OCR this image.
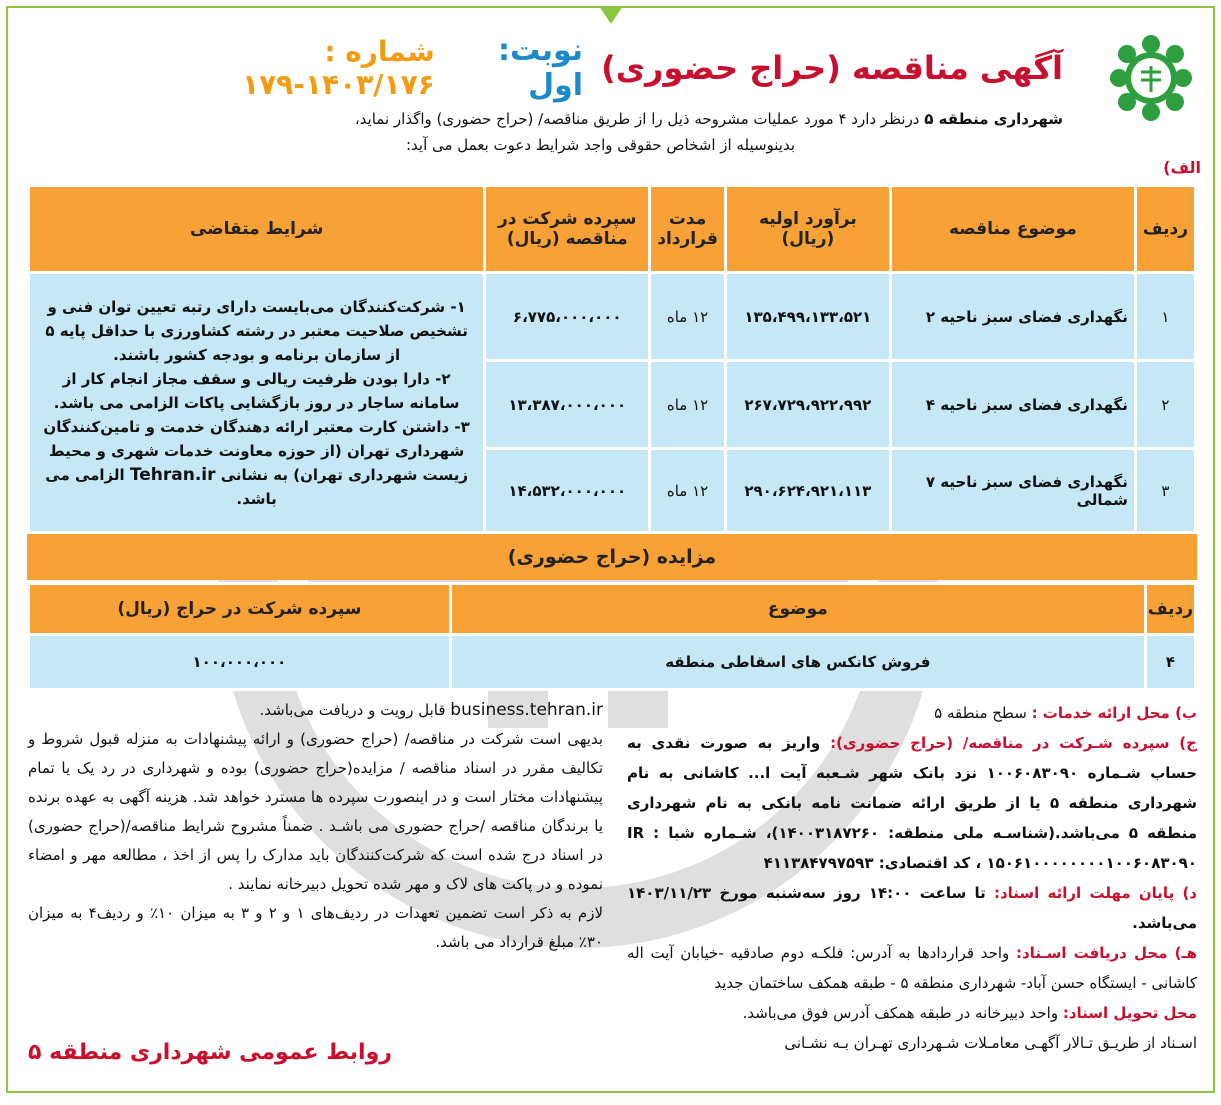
آگهی مناقصه (حراج حضوری)
نوبت: اول
شماره : ۱۷۹-۱۴۰۳/۱۷۶
شهرداری منطقه ۵ درنظر دارد ۴ مورد عملیات مشروحه ذیل را از طریق مناقصه/ (حراج حضوری) واگذار نماید،
بدینوسیله از اشخاص حقوقی واجد شرایط دعوت بعمل می آید:
الف)
ردیف	موضوع مناقصه	برآورد اولیه (ریال)	مدت قرارداد	سپرده شرکت در مناقصه (ریال)	شرایط متقاضی
۱	نگهداری فضای سبز ناحیه ۲	۱۳۵،۴۹۹،۱۳۳،۵۲۱	۱۲ ماه	۶،۷۷۵،۰۰۰،۰۰۰	۱- شرکت‌کنندگان می‌بایست دارای رتبه تعیین توان فنی و تشخیص صلاحیت معتبر در رشته کشاورزی با حداقل پایه ۵ از سازمان برنامه و بودجه کشور باشند.
۲- دارا بودن ظرفیت ریالی و سقف مجاز انجام کار از سامانه ساجار در روز بازگشایی پاکات الزامی می باشد.
۳- داشتن کارت معتبر ارائه دهندگان خدمت و تامین‌کنندگان شهرداری تهران (از حوزه معاونت خدمات شهری و محیط زیست شهرداری تهران) به نشانی Tehran.ir الزامی می باشد.

۲	نگهداری فضای سبز ناحیه ۴	۲۶۷،۷۲۹،۹۲۲،۹۹۲	۱۲ ماه	۱۳،۳۸۷،۰۰۰،۰۰۰	
۳	نگهداری فضای سبز ناحیه ۷ شمالی	۲۹۰،۶۲۴،۹۲۱،۱۱۳	۱۲ ماه	۱۴،۵۳۲،۰۰۰،۰۰۰	
مزایده (حراج حضوری)
ردیف	موضوع	سپرده شرکت در حراج (ریال)
۴	فروش کانکس های اسقاطی منطقه	۱۰۰،۰۰۰،۰۰۰
ب) محل ارائه خدمات : سطح منطقه ۵
ج) سپرده شـرکت در مناقصه/ (حراج حضوری): واریز به صورت نقدی به حساب شـماره ۱۰۰۶۰۸۳۰۹۰ نزد بانک شهر شـعبه آیت ا... کاشانی به نام شهرداری منطقه ۵ یا از طریق ارائه ضمانت نامه بانکی به نام شهرداری منطقه ۵ می‌باشد.(شناسـه ملی منطقه: ۱۴۰۰۳۱۸۷۲۶۰)، شـماره شبا : IR ۱۵۰۶۱۰۰۰۰۰۰۰۰۱۰۰۶۰۸۳۰۹۰ ، کد اقتصادی: ۴۱۱۳۸۴۷۹۷۵۹۳
د) پایان مهلت ارائه اسناد: تا ساعت ۱۴:۰۰ روز سه‌شنبه مورخ ۱۴۰۳/۱۱/۲۳ می‌باشد.
هـ) محل دریافت اسـناد: واحد قراردادها به آدرس: فلکـه دوم صادقیه -خیابان آیت اله کاشانی - ایستگاه حسن آباد- شهرداری منطقه ۵ - طبقه همکف ساختمان جدید
محل تحویل اسناد: واحد دبیرخانه در طبقه همکف آدرس فوق می‌باشد.
اسـناد از طریـق تـالار آگهـی معامـلات شـهرداری تهـران بـه نشـانی
business.tehran.ir قابل رویت و دریافت می‌باشد.
بدیهی است شرکت در مناقصه/ (حراج حضوری) و ارائه پیشنهادات به منزله قبول شروط و تکالیف مقرر در اسناد مناقصه / مزایده(حراج حضوری) بوده و شهرداری در رد یک یا تمام پیشنهادات مختار است و در اینصورت سپرده ها مسترد خواهد شد. هزینه آگهی به عهده برنده یا برندگان مناقصه /حراج حضوری می باشـد . ضمناً مشروح شرایط مناقصه/(حراج حضوری) در اسناد درج شده است که شرکت‌کنندگان باید مدارک را پس از اخذ ، مطالعه مهر و امضاء نموده و در پاکت های لاک و مهر شده تحویل دبیرخانه نمایند .
لازم به ذکر است تضمین تعهدات در ردیف‌های ۱ و ۲ و ۳ به میزان ۱۰٪ و ردیف۴ به میزان ۳۰٪ مبلغ قرارداد می باشد.
روابط عمومی شهرداری منطقه ۵
